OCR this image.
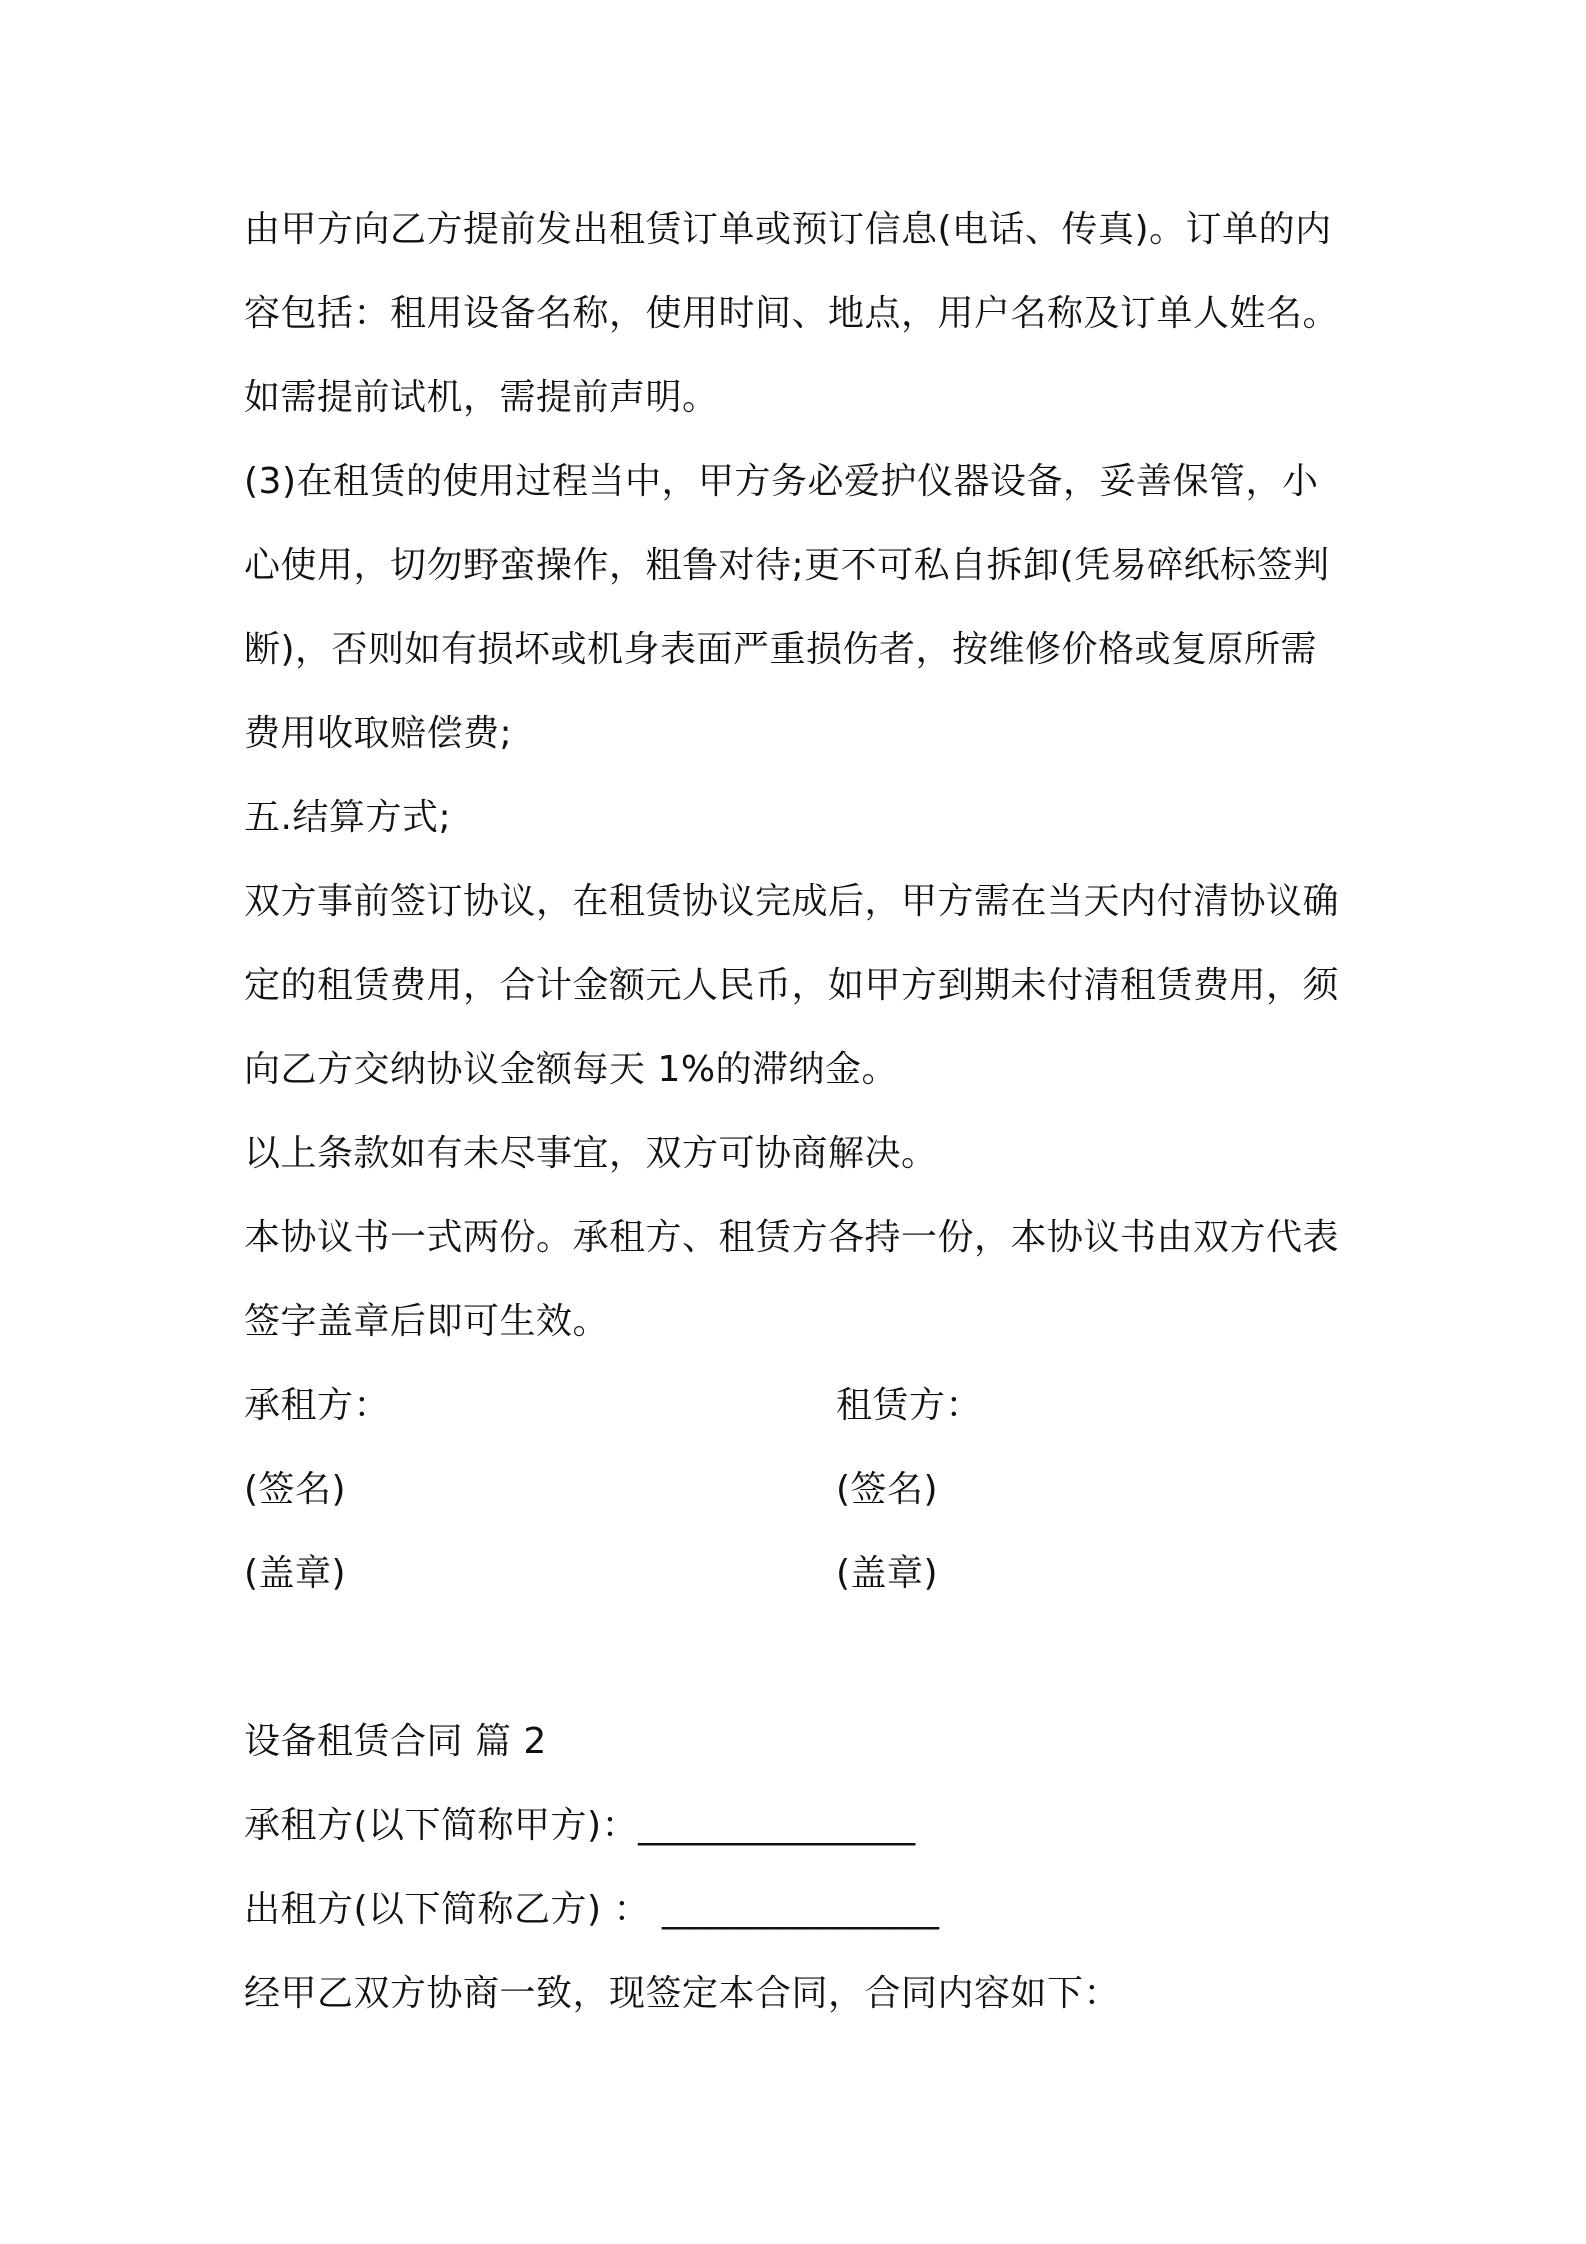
由甲方向乙方提前发出租赁订单或预订信息(电话、传真)。订单的内
容包括：租用设备名称，使用时间、地点，用户名称及订单人姓名。
如需提前试机，需提前声明。
(3)在租赁的使用过程当中，甲方务必爱护仪器设备，妥善保管，小
心使用，切勿野蛮操作，粗鲁对待;更不可私自拆卸(凭易碎纸标签判
断)，否则如有损坏或机身表面严重损伤者，按维修价格或复原所需
费用收取赔偿费;
五.结算方式;
双方事前签订协议，在租赁协议完成后，甲方需在当天内付清协议确
定的租赁费用，合计金额元人民币，如甲方到期未付清租赁费用，须
向乙方交纳协议金额每天 1%的滞纳金。
以上条款如有未尽事宜，双方可协商解决。
本协议书一式两份。承租方、租赁方各持一份，本协议书由双方代表
签字盖章后即可生效。
承租方：	租赁方：
(签名)	(签名)
(盖章)	(盖章)
设备租赁合同 篇 2
承租方(以下简称甲方)：_______________
出租方(以下简称乙方) ： _______________
经甲乙双方协商一致，现签定本合同，合同内容如下：
